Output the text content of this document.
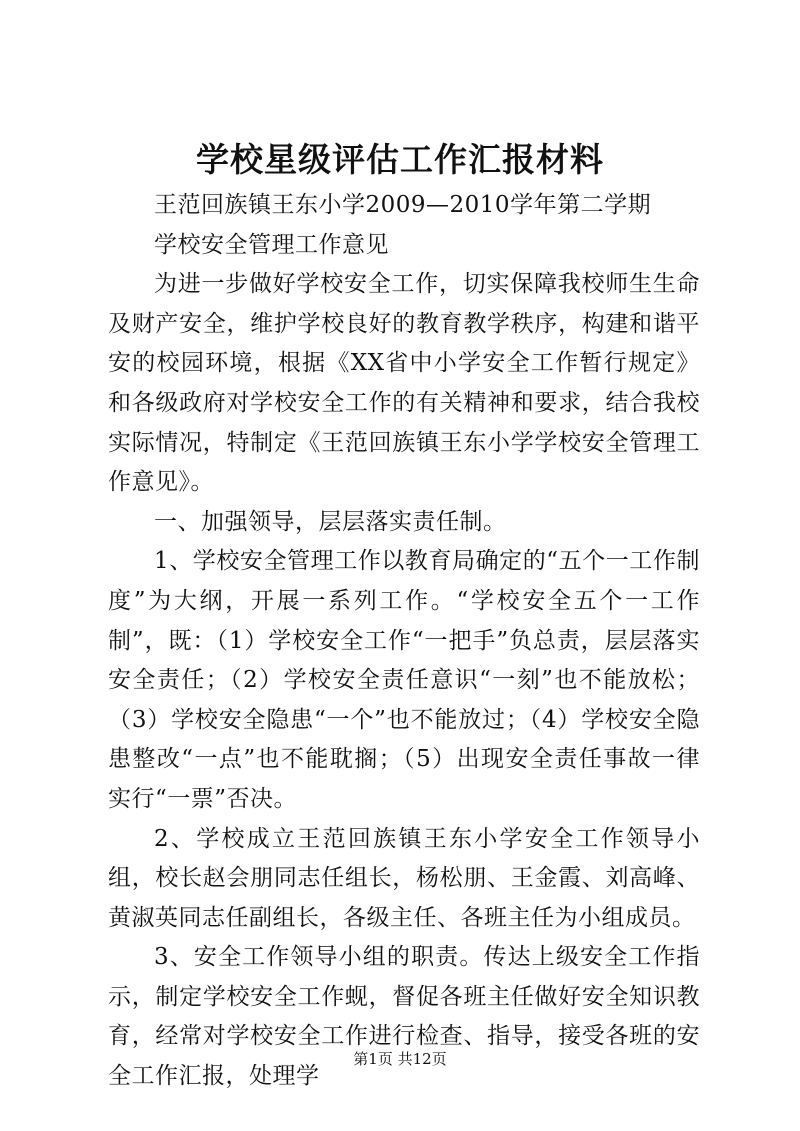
学校星级评估工作汇报材料

王范回族镇王东小学2009—2010学年第二学期

学校安全管理工作意见

为进一步做好学校安全工作，切实保障我校师生生命及财产安全，维护学校良好的教育教学秩序，构建和谐平安的校园环境，根据《XX省中小学安全工作暂行规定》和各级政府对学校安全工作的有关精神和要求，结合我校实际情况，特制定《王范回族镇王东小学学校安全管理工作意见》。

一、加强领导，层层落实责任制。

1、学校安全管理工作以教育局确定的“五个一工作制度”为大纲，开展一系列工作。“学校安全五个一工作制”，既：（1）学校安全工作“一把手”负总责，层层落实安全责任；（2）学校安全责任意识“一刻”也不能放松；（3）学校安全隐患“一个”也不能放过；（4）学校安全隐患整改“一点”也不能耽搁；（5）出现安全责任事故一律实行“一票”否决。

2、学校成立王范回族镇王东小学安全工作领导小组，校长赵会朋同志任组长，杨松朋、王金霞、刘高峰、黄淑英同志任副组长，各级主任、各班主任为小组成员。

3、安全工作领导小组的职责。传达上级安全工作指示，制定学校安全工作蚬，督促各班主任做好安全知识教育，经常对学校安全工作进行检查、指导，接受各班的安全工作汇报，处理学

第1页 共12页
